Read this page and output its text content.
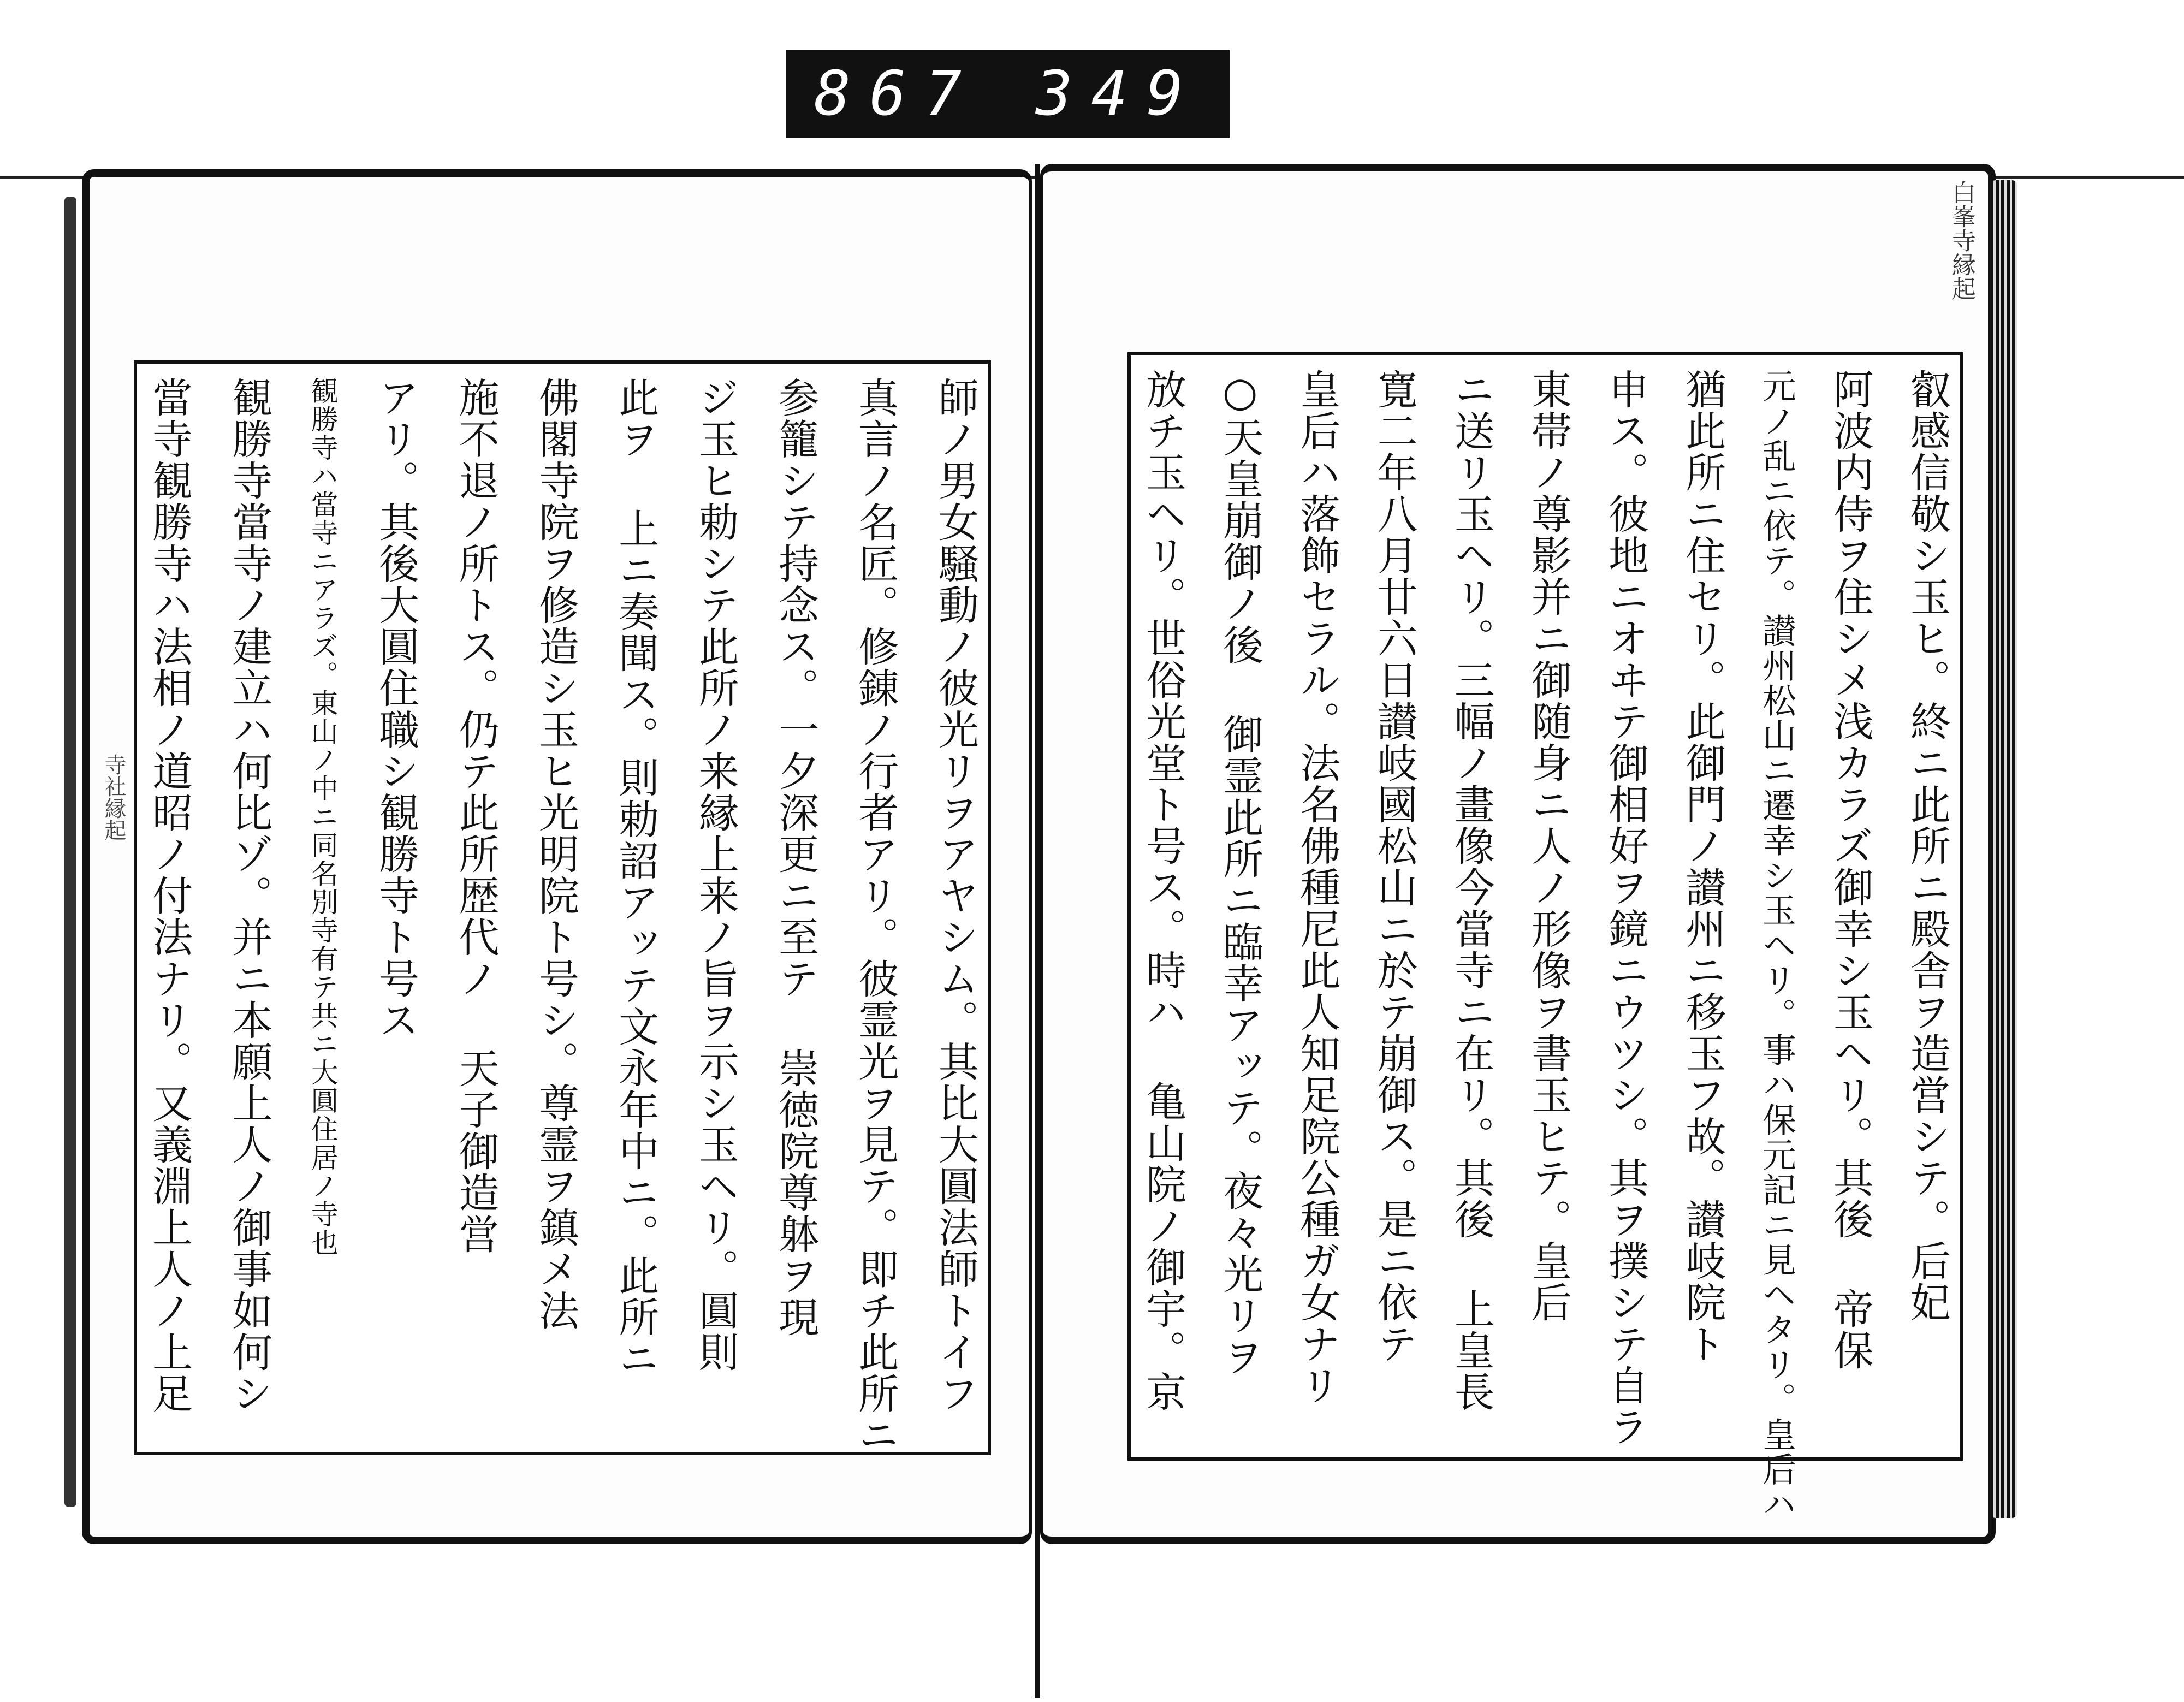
867 349
白峯寺縁起
寺社縁起	叡感信敬シ玉ヒ。終ニ此所ニ殿舎ヲ造営シテ。后妃
阿波内侍ヲ住シメ浅カラズ御幸シ玉ヘリ。其後 帝保
元ノ乱ニ依テ。讃州松山ニ遷幸シ玉ヘリ。事ハ保元記ニ見ヘタリ。皇后ハ
猶此所ニ住セリ。此御門ノ讃州ニ移玉フ故。讃岐院ト
申ス。彼地ニオヰテ御相好ヲ鏡ニウツシ。其ヲ撲シテ自ラ
東帯ノ尊影并ニ御随身ニ人ノ形像ヲ書玉ヒテ。皇后
ニ送リ玉ヘリ。三幅ノ畫像今當寺ニ在リ。其後 上皇長
寛二年八月廿六日讃岐國松山ニ於テ崩御ス。是ニ依テ
皇后ハ落飾セラル。法名佛種尼此人知足院公種ガ女ナリ
○天皇崩御ノ後 御霊此所ニ臨幸アッテ。夜々光リヲ
放チ玉ヘリ。世俗光堂ト号ス。時ハ 亀山院ノ御宇。京
師ノ男女騒動ノ彼光リヲアヤシム。其比大圓法師トイフ
真言ノ名匠。修錬ノ行者アリ。彼霊光ヲ見テ。即チ此所ニ
参籠シテ持念ス。一夕深更ニ至テ 崇徳院尊躰ヲ現
ジ玉ヒ勅シテ此所ノ来縁上来ノ旨ヲ示シ玉ヘリ。圓則
此ヲ 上ニ奏聞ス。則勅詔アッテ文永年中ニ。此所ニ
佛閣寺院ヲ修造シ玉ヒ光明院ト号シ。尊霊ヲ鎮メ法
施不退ノ所トス。仍テ此所歴代ノ 天子御造営
アリ。其後大圓住職シ観勝寺ト号ス
観勝寺ハ當寺ニアラズ。東山ノ中ニ同名別寺有テ共ニ大圓住居ノ寺也
観勝寺當寺ノ建立ハ何比ゾ。并ニ本願上人ノ御事如何シ
當寺観勝寺ハ法相ノ道昭ノ付法ナリ。又義淵上人ノ上足
